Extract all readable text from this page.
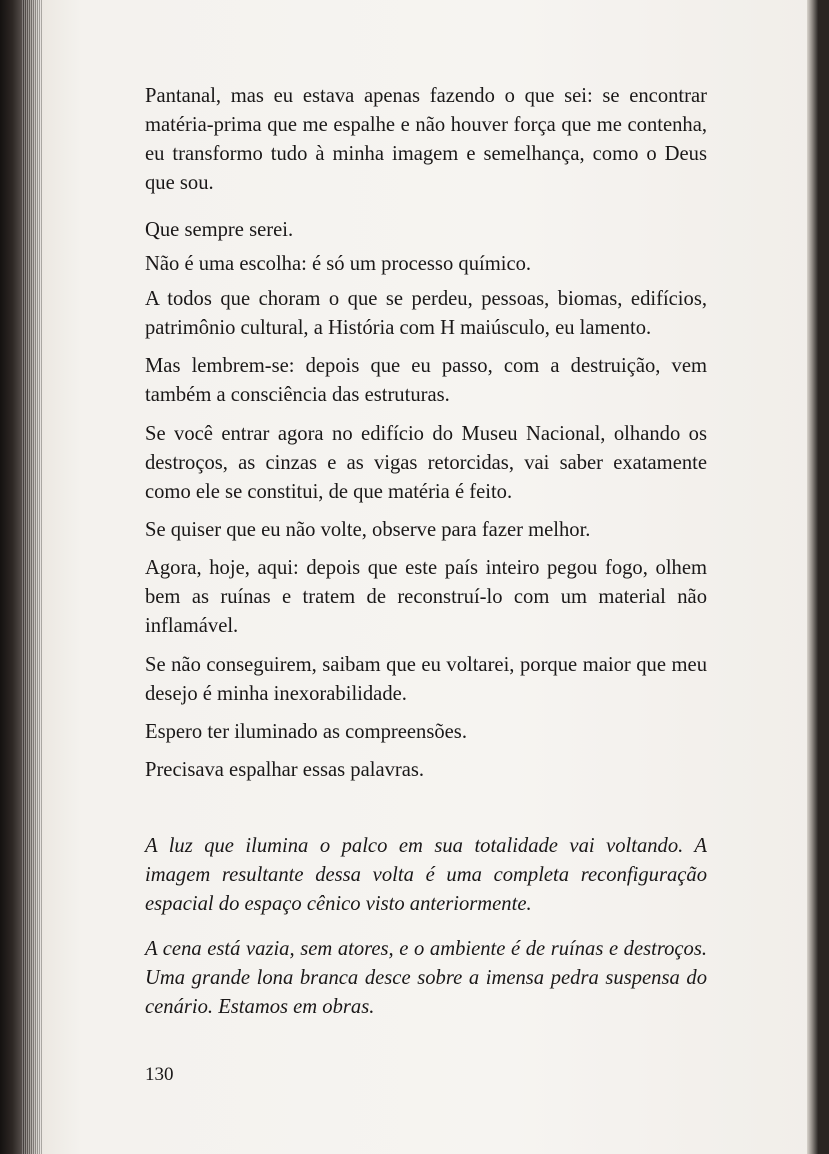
Pantanal, mas eu estava apenas fazendo o que sei: se encontrar matéria-prima que me espalhe e não houver força que me contenha, eu transformo tudo à minha imagem e semelhança, como o Deus que sou.

Que sempre serei.

Não é uma escolha: é só um processo químico.

A todos que choram o que se perdeu, pessoas, biomas, edifícios, patrimônio cultural, a História com H maiúsculo, eu lamento.

Mas lembrem-se: depois que eu passo, com a destruição, vem também a consciência das estruturas.

Se você entrar agora no edifício do Museu Nacional, olhando os destroços, as cinzas e as vigas retorcidas, vai saber exatamente como ele se constitui, de que matéria é feito.

Se quiser que eu não volte, observe para fazer melhor.

Agora, hoje, aqui: depois que este país inteiro pegou fogo, olhem bem as ruínas e tratem de reconstruí-lo com um material não inflamável.

Se não conseguirem, saibam que eu voltarei, porque maior que meu desejo é minha inexorabilidade.

Espero ter iluminado as compreensões.

Precisava espalhar essas palavras.

A luz que ilumina o palco em sua totalidade vai voltando. A imagem resultante dessa volta é uma completa reconfiguração espacial do espaço cênico visto anteriormente.

A cena está vazia, sem atores, e o ambiente é de ruínas e destroços. Uma grande lona branca desce sobre a imensa pedra suspensa do cenário. Estamos em obras.

130
